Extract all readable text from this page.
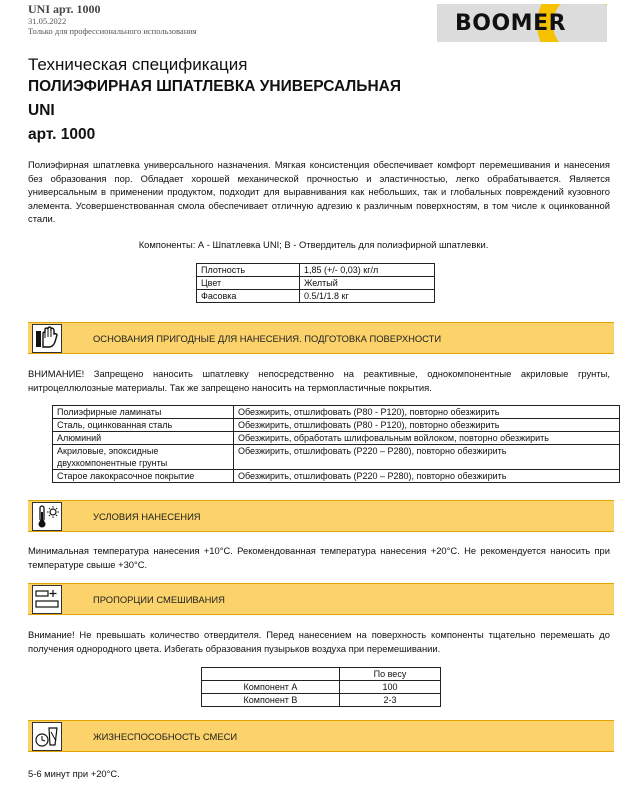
UNI арт. 1000
31.05.2022
Только для профессионального использования	BOOMER
Техническая спецификация
ПОЛИЭФИРНАЯ ШПАТЛЕВКА УНИВЕРСАЛЬНАЯ
UNI
арт. 1000
Полиэфирная шпатлевка универсального назначения. Мягкая консистенция обеспечивает комфорт перемешивания и нанесения без образования пор. Обладает хорошей механической прочностью и эластичностью, легко обрабатывается. Является универсальным в применении продуктом, подходит для выравнивания как небольших, так и глобальных повреждений кузовного элемента. Усовершенствованная смола обеспечивает отличную адгезию к различным поверхностям, в том числе к оцинкованной стали.
Компоненты: А - Шпатлевка UNI; В - Отвердитель для полиэфирной шпатлевки.
Плотность	1,85 (+/- 0,03) кг/л
Цвет	Желтый
Фасовка	0.5/1/1.8 кг
ОСНОВАНИЯ ПРИГОДНЫЕ ДЛЯ НАНЕСЕНИЯ. ПОДГОТОВКА ПОВЕРХНОСТИ
ВНИМАНИЕ! Запрещено наносить шпатлевку непосредственно на реактивные, однокомпонентные акриловые грунты, нитроцеллюлозные материалы. Так же запрещено наносить на термопластичные покрытия.
Полиэфирные ламинаты	Обезжирить, отшлифовать (P80 - P120), повторно обезжирить
Сталь, оцинкованная сталь	Обезжирить, отшлифовать (P80 - P120), повторно обезжирить
Алюминий	Обезжирить, обработать шлифовальным войлоком, повторно обезжирить
Акриловые, эпоксидные двухкомпонентные грунты	Обезжирить, отшлифовать (P220 – P280), повторно обезжирить
Старое лакокрасочное покрытие	Обезжирить, отшлифовать (P220 – P280), повторно обезжирить
УСЛОВИЯ НАНЕСЕНИЯ
Минимальная температура нанесения +10°С. Рекомендованная температура нанесения +20°С. Не рекомендуется наносить при температуре свыше +30°С.
ПРОПОРЦИИ СМЕШИВАНИЯ
Внимание! Не превышать количество отвердителя. Перед нанесением на поверхность компоненты тщательно перемешать до получения однородного цвета. Избегать образования пузырьков воздуха при перемешивании.
	По весу
Компонент А	100
Компонент В	2-3
ЖИЗНЕСПОСОБНОСТЬ СМЕСИ
5-6 минут при +20°С.
